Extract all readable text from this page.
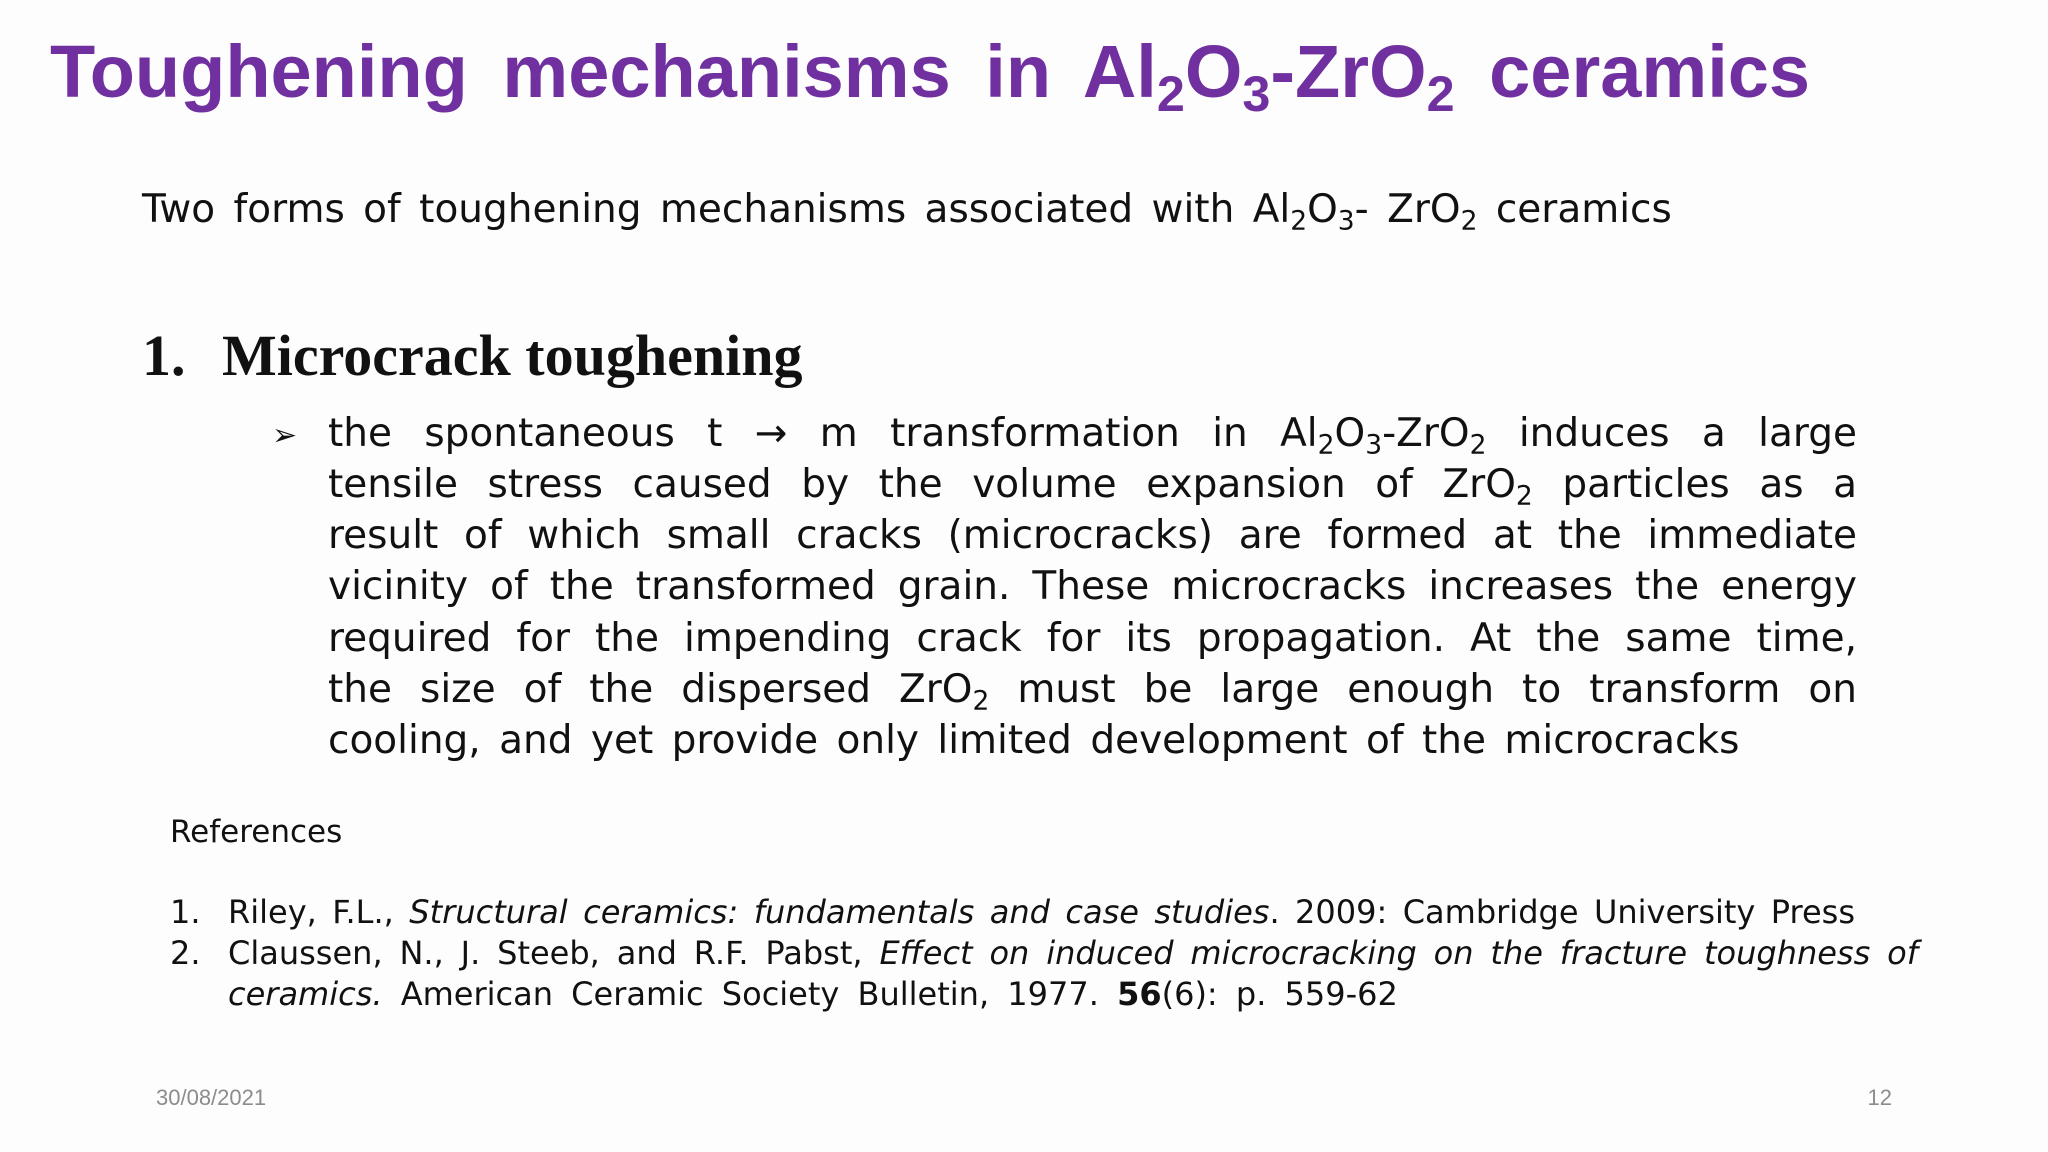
Toughening mechanisms in $Al_2O_3-ZrO_2$ ceramics
Two forms of toughening mechanisms associated with $Al_2O_3-$ ZrO$_2$ ceramics
1. Microcrack toughening
➢ the spontaneous t → m transformation in $Al_2O_3-ZrO_2$ induces a large
tensile stress caused by the volume expansion of ZrO$_2$ particles as a
result of which small cracks (microcracks) are formed at the immediate
vicinity of the transformed grain. These microcracks increases the energy
required for the impending crack for its propagation. At the same time,
the size of the dispersed ZrO$_2$ must be large enough to transform on
cooling, and yet provide only limited development of the microcracks
References
1. Riley, F.L., Structural ceramics: fundamentals and case studies. 2009: Cambridge University Press
2. Claussen, N., J. Steeb, and R.F. Pabst, Effect on induced microcracking on the fracture toughness of
ceramics. American Ceramic Society Bulletin, 1977. 56(6): p. 559-62
30/08/2021	12
